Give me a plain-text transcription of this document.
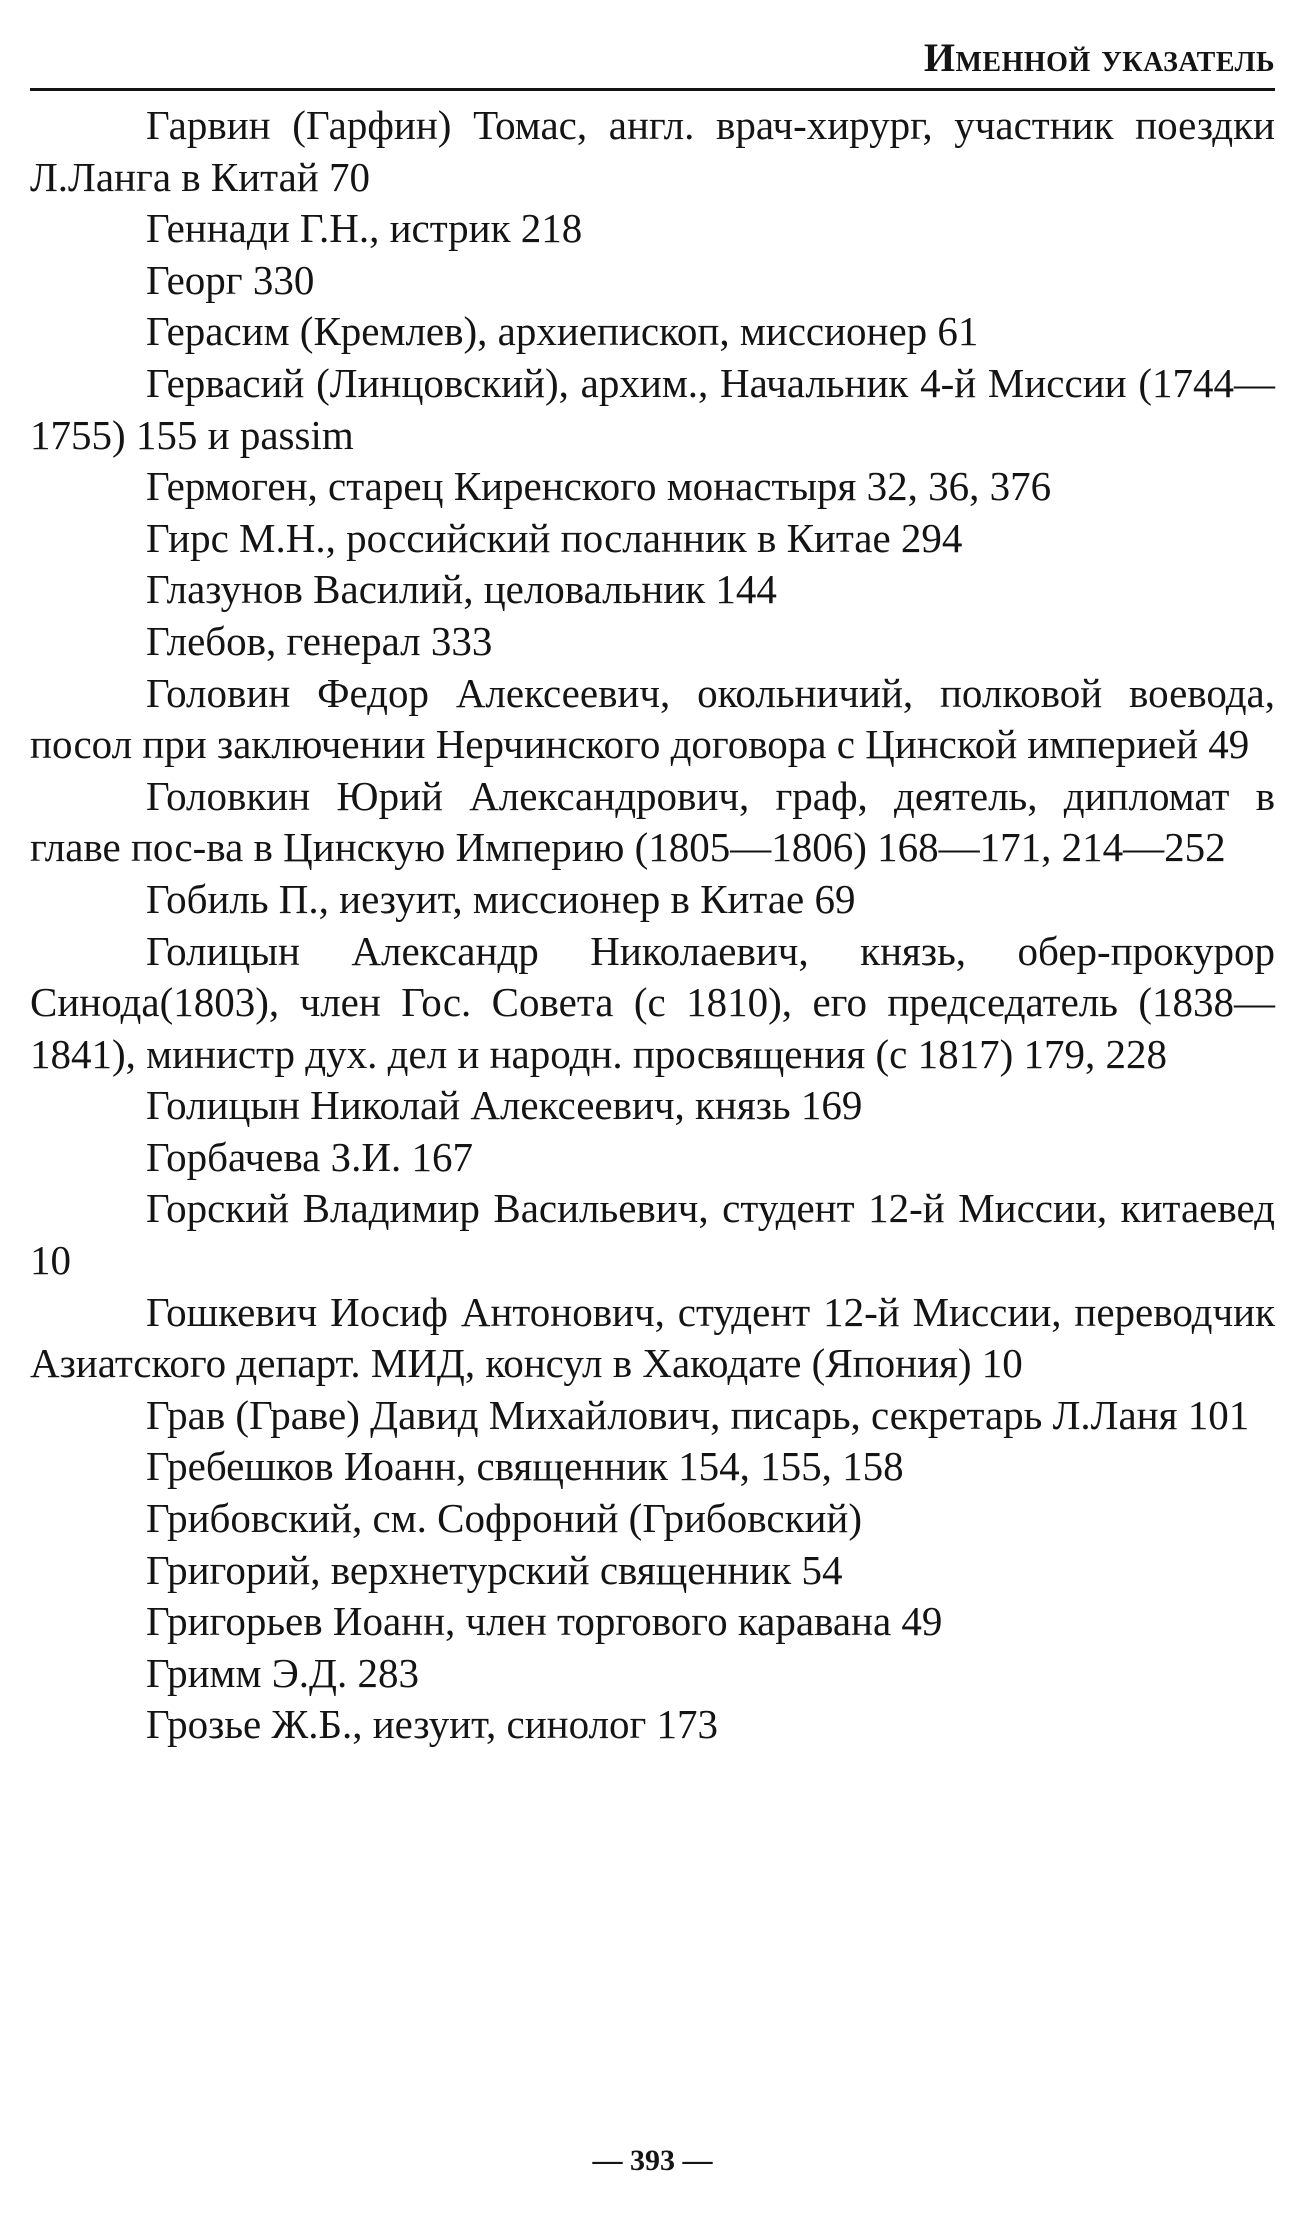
Именной указатель
Гарвин (Гарфин) Томас, англ. врач-хирург, участник поездки Л.Ланга в Китай 70
Геннади Г.Н., истрик 218
Георг 330
Герасим (Кремлев), архиепископ, миссионер 61
Гервасий (Линцовский), архим., Начальник 4-й Миссии (1744—1755) 155 и passim
Гермоген, старец Киренского монастыря 32, 36, 376
Гирс М.Н., российский посланник в Китае 294
Глазунов Василий, целовальник 144
Глебов, генерал 333
Головин Федор Алексеевич, окольничий, полковой воевода, посол при заключении Нерчинского договора с Цинской империей 49
Головкин Юрий Александрович, граф, деятель, дипломат в главе пос-ва в Цинскую Империю (1805—1806) 168—171, 214—252
Гобиль П., иезуит, миссионер в Китае 69
Голицын Александр Николаевич, князь, обер-прокурор Синода(1803), член Гос. Совета (с 1810), его председатель (1838—1841), министр дух. дел и народн. просвящения (с 1817) 179, 228
Голицын Николай Алексеевич, князь 169
Горбачева З.И. 167
Горский Владимир Васильевич, студент 12-й Миссии, китаевед 10
Гошкевич Иосиф Антонович, студент 12-й Миссии, переводчик Азиатского департ. МИД, консул в Хакодате (Япония) 10
Грав (Граве) Давид Михайлович, писарь, секретарь Л.Ланя 101
Гребешков Иоанн, священник 154, 155, 158
Грибовский, см. Софроний (Грибовский)
Григорий, верхнетурский священник 54
Григорьев Иоанн, член торгового каравана 49
Гримм Э.Д. 283
Грозье Ж.Б., иезуит, синолог 173
— 393 —
